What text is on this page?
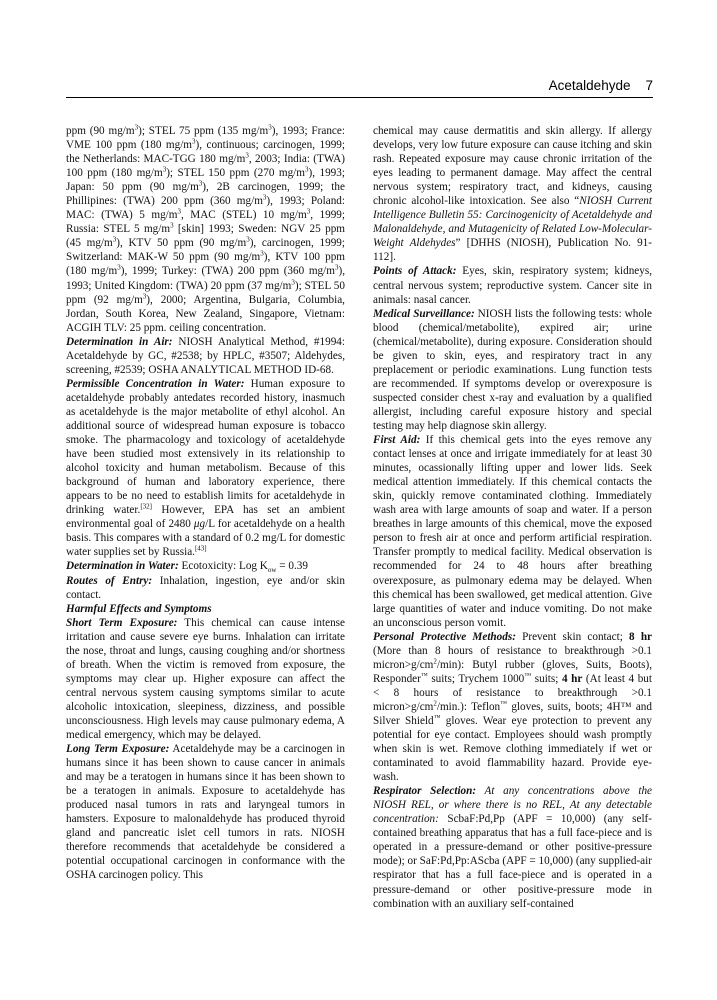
Acetaldehyde 7

ppm (90 $mg/m^3$); STEL 75 ppm (135 $mg/m^3$), 1993; France: VME 100 ppm (180 $mg/m^3$), continuous; carcinogen, 1999; the Netherlands: MAC-TGG 180 $mg/m^3$, 2003; India: (TWA) 100 ppm (180 $mg/m^3$); STEL 150 ppm (270 $mg/m^3$), 1993; Japan: 50 ppm (90 $mg/m^3$), 2B carcinogen, 1999; the Phillipines: (TWA) 200 ppm (360 $mg/m^3$), 1993; Poland: MAC: (TWA) 5 $mg/m^3$, MAC (STEL) 10 $mg/m^3$, 1999; Russia: STEL 5 $mg/m^3$ [skin] 1993; Sweden: NGV 25 ppm (45 $mg/m^3$), KTV 50 ppm (90 $mg/m^3$), carcinogen, 1999; Switzerland: MAK-W 50 ppm (90 $mg/m^3$), KTV 100 ppm (180 $mg/m^3$), 1999; Turkey: (TWA) 200 ppm (360 $mg/m^3$), 1993; United Kingdom: (TWA) 20 ppm (37 $mg/m^3$); STEL 50 ppm (92 $mg/m^3$), 2000; Argentina, Bulgaria, Columbia, Jordan, South Korea, New Zealand, Singapore, Vietnam: ACGIH TLV: 25 ppm. ceiling concentration.

Determination in Air: NIOSH Analytical Method, #1994: Acetaldehyde by GC, #2538; by HPLC, #3507; Aldehydes, screening, #2539; OSHA ANALYTICAL METHOD ID-68.

Permissible Concentration in Water: Human exposure to acetaldehyde probably antedates recorded history, inasmuch as acetaldehyde is the major metabolite of ethyl alcohol. An additional source of widespread human exposure is tobacco smoke. The pharmacology and toxicology of acetaldehyde have been studied most extensively in its relationship to alcohol toxicity and human metabolism. Because of this background of human and laboratory experience, there appears to be no need to establish limits for acetaldehyde in drinking water.[32] However, EPA has set an ambient environmental goal of 2480 μg/L for acetaldehyde on a health basis. This compares with a standard of 0.2 mg/L for domestic water supplies set by Russia.[43]

Determination in Water: Ecotoxicity: Log $K_{ow} = 0.39$

Routes of Entry: Inhalation, ingestion, eye and/or skin contact.

Harmful Effects and Symptoms

Short Term Exposure: This chemical can cause intense irritation and cause severe eye burns. Inhalation can irritate the nose, throat and lungs, causing coughing and/or shortness of breath. When the victim is removed from exposure, the symptoms may clear up. Higher exposure can affect the central nervous system causing symptoms similar to acute alcoholic intoxication, sleepiness, dizziness, and possible unconsciousness. High levels may cause pulmonary edema, A medical emergency, which may be delayed.

Long Term Exposure: Acetaldehyde may be a carcinogen in humans since it has been shown to cause cancer in animals and may be a teratogen in humans since it has been shown to be a teratogen in animals. Exposure to acetaldehyde has produced nasal tumors in rats and laryngeal tumors in hamsters. Exposure to malonaldehyde has produced thyroid gland and pancreatic islet cell tumors in rats. NIOSH therefore recommends that acetaldehyde be considered a potential occupational carcinogen in conformance with the OSHA carcinogen policy. This

chemical may cause dermatitis and skin allergy. If allergy develops, very low future exposure can cause itching and skin rash. Repeated exposure may cause chronic irritation of the eyes leading to permanent damage. May affect the central nervous system; respiratory tract, and kidneys, causing chronic alcohol-like intoxication. See also “NIOSH Current Intelligence Bulletin 55: Carcinogenicity of Acetaldehyde and Malonaldehyde, and Mutagenicity of Related Low-Molecular-Weight Aldehydes” [DHHS (NIOSH), Publication No. 91-112].

Points of Attack: Eyes, skin, respiratory system; kidneys, central nervous system; reproductive system. Cancer site in animals: nasal cancer.

Medical Surveillance: NIOSH lists the following tests: whole blood (chemical/metabolite), expired air; urine (chemical/metabolite), during exposure. Consideration should be given to skin, eyes, and respiratory tract in any preplacement or periodic examinations. Lung function tests are recommended. If symptoms develop or overexposure is suspected consider chest x-ray and evaluation by a qualified allergist, including careful exposure history and special testing may help diagnose skin allergy.

First Aid: If this chemical gets into the eyes remove any contact lenses at once and irrigate immediately for at least 30 minutes, ocassionally lifting upper and lower lids. Seek medical attention immediately. If this chemical contacts the skin, quickly remove contaminated clothing. Immediately wash area with large amounts of soap and water. If a person breathes in large amounts of this chemical, move the exposed person to fresh air at once and perform artificial respiration. Transfer promptly to medical facility. Medical observation is recommended for 24 to 48 hours after breathing overexposure, as pulmonary edema may be delayed. When this chemical has been swallowed, get medical attention. Give large quantities of water and induce vomiting. Do not make an unconscious person vomit.

Personal Protective Methods: Prevent skin contact; 8 hr (More than 8 hours of resistance to breakthrough >0.1 $micron>g/cm^2/\min$): Butyl rubber (gloves, Suits, Boots), Responder™ suits; Trychem 1000™ suits; 4 hr (At least 4 but < 8 hours of resistance to breakthrough >0.1 $micron>g/cm^2/\min$.): Teflon™ gloves, suits, boots; 4H™ and Silver Shield™ gloves. Wear eye protection to prevent any potential for eye contact. Employees should wash promptly when skin is wet. Remove clothing immediately if wet or contaminated to avoid flammability hazard. Provide eye-wash.

Respirator Selection: At any concentrations above the NIOSH REL, or where there is no REL, At any detectable concentration: ScbaF:Pd,Pp (APF = 10,000) (any self-contained breathing apparatus that has a full face-piece and is operated in a pressure-demand or other positive-pressure mode); or SaF:Pd,Pp:AScba (APF = 10,000) (any supplied-air respirator that has a full face-piece and is operated in a pressure-demand or other positive-pressure mode in combination with an auxiliary self-contained
